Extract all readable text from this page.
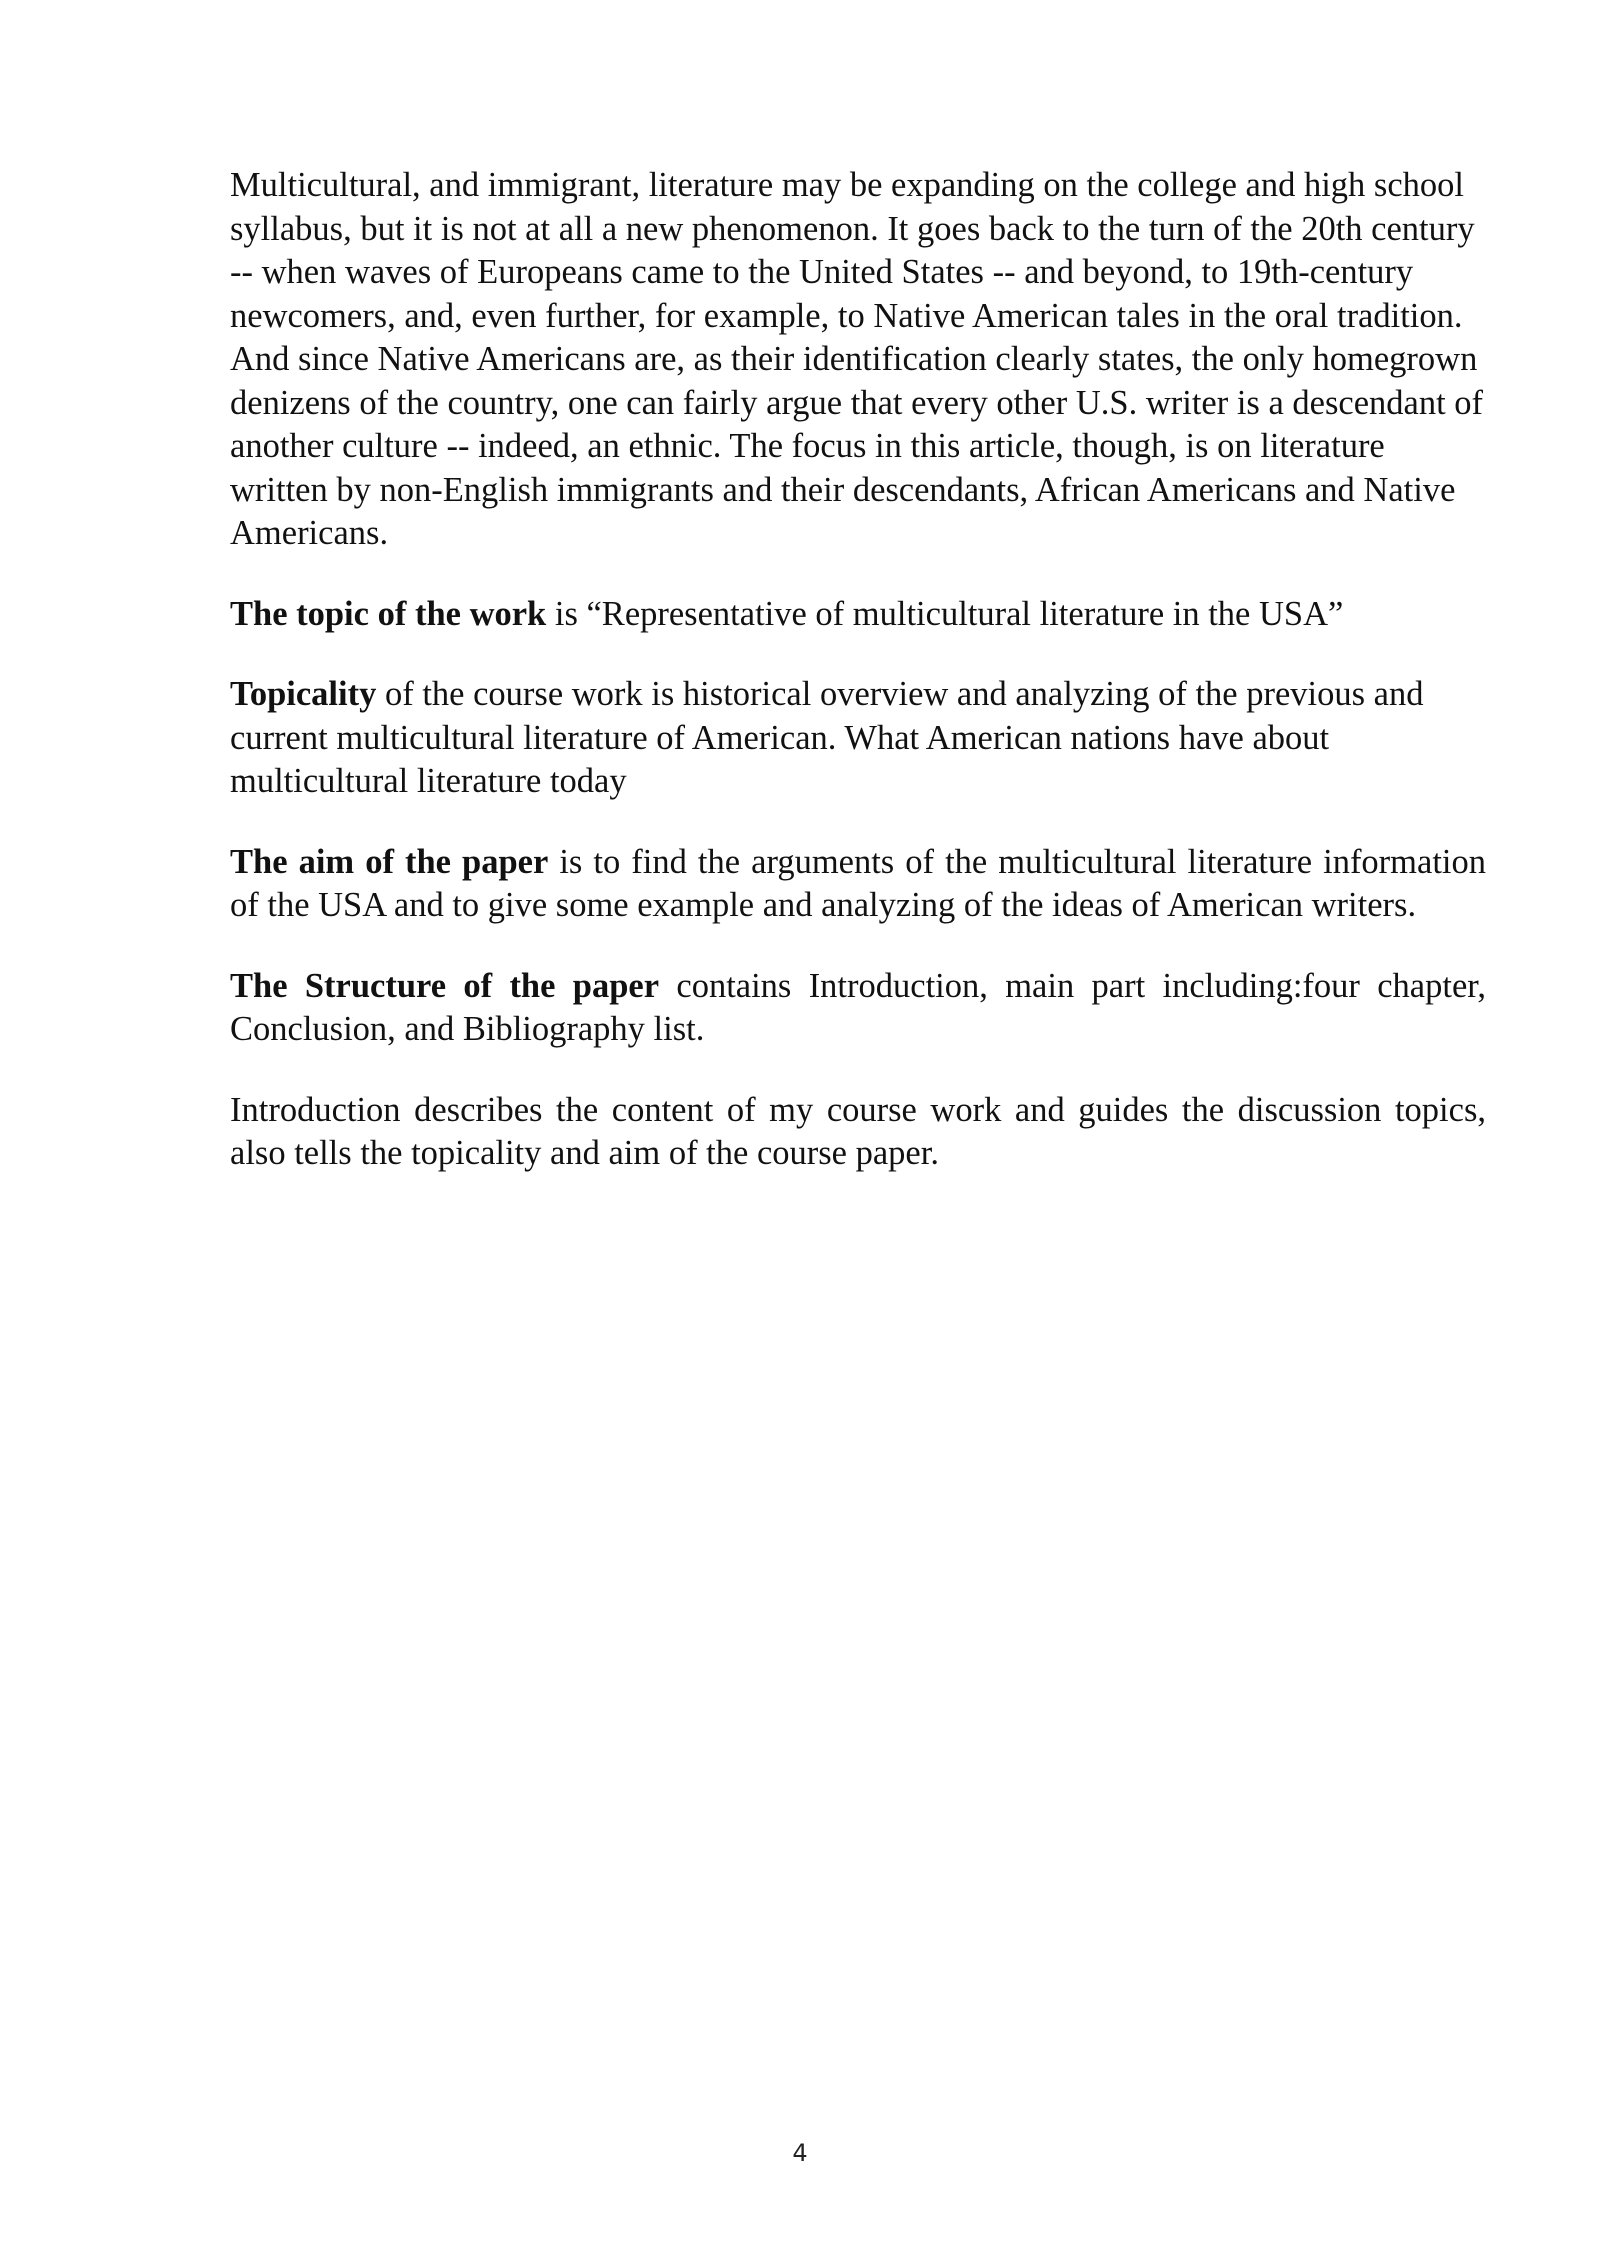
Multicultural, and immigrant, literature may be expanding on the college and high school syllabus, but it is not at all a new phenomenon. It goes back to the turn of the 20th century -- when waves of Europeans came to the United States -- and beyond, to 19th-century newcomers, and, even further, for example, to Native American tales in the oral tradition. And since Native Americans are, as their identification clearly states, the only homegrown denizens of the country, one can fairly argue that every other U.S. writer is a descendant of another culture -- indeed, an ethnic. The focus in this article, though, is on literature written by non-English immigrants and their descendants, African Americans and Native Americans.

The topic of the work is “Representative of multicultural literature in the USA”

Topicality of the course work is historical overview and analyzing of the previous and current multicultural literature of American. What American nations have about multicultural literature today

The aim of the paper is to find the arguments of the multicultural literature information of the USA and to give some example and analyzing of the ideas of American writers.

The Structure of the paper contains Introduction, main part including:four chapter, Conclusion, and Bibliography list.

Introduction describes the content of my course work and guides the discussion topics, also tells the topicality and aim of the course paper.

4
